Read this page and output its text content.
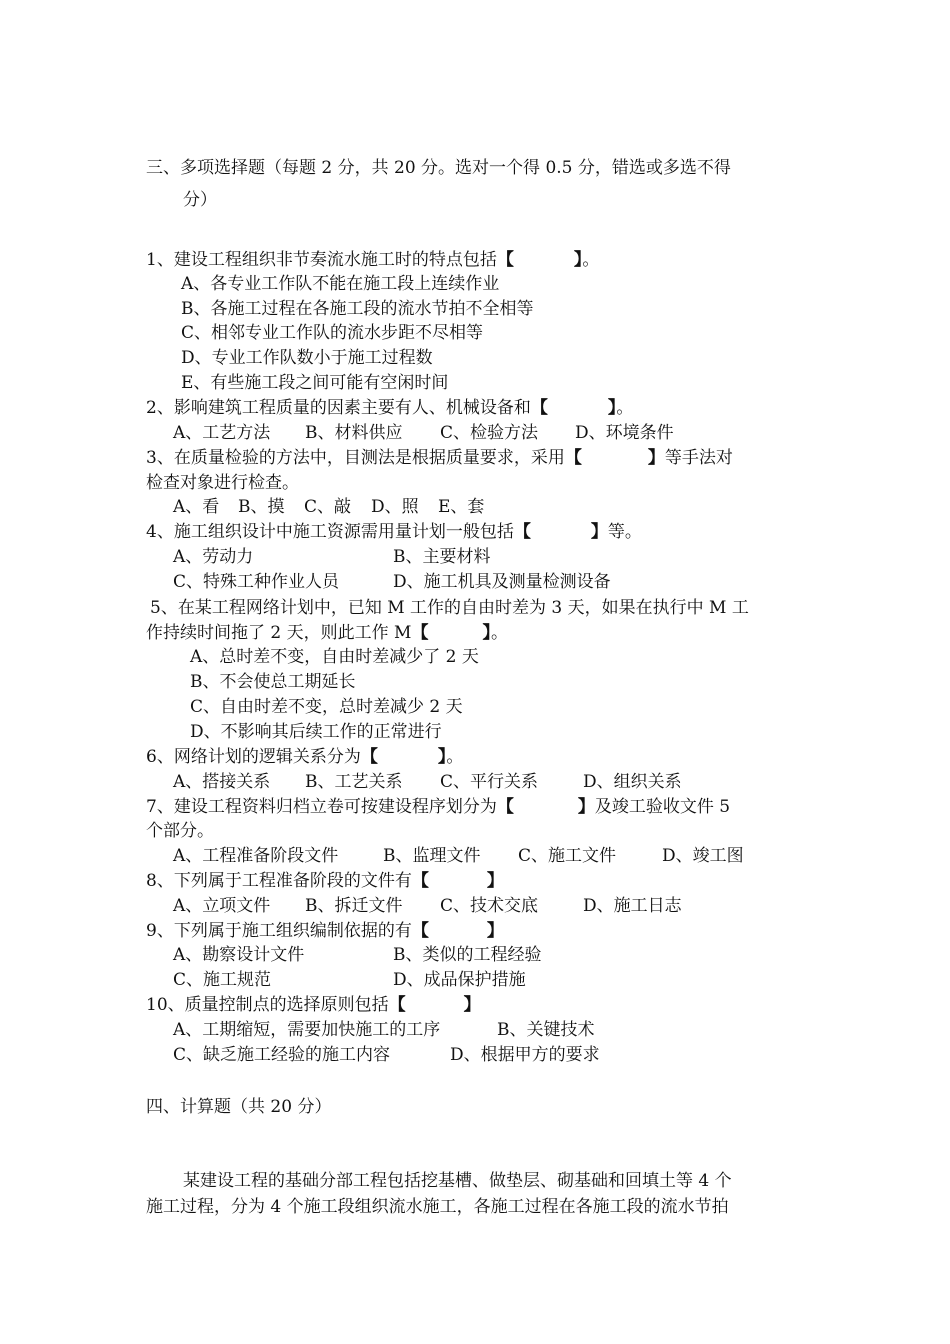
三、多项选择题（每题 2 分，共 20 分。选对一个得 0.5 分，错选或多选不得
分）
1、建设工程组织非节奏流水施工时的特点包括【	】。
A、各专业工作队不能在施工段上连续作业
B、各施工过程在各施工段的流水节拍不全相等
C、相邻专业工作队的流水步距不尽相等
D、专业工作队数小于施工过程数
E、有些施工段之间可能有空闲时间
2、影响建筑工程质量的因素主要有人、机械设备和【	】。
A、工艺方法 B、材料供应 C、检验方法 D、环境条件
3、在质量检验的方法中，目测法是根据质量要求，采用【	】等手法对
检查对象进行检查。
A、看 B、摸 C、敲 D、照 E、套
4、施工组织设计中施工资源需用量计划一般包括【	】等。
A、劳动力	B、主要材料
C、特殊工种作业人员	D、施工机具及测量检测设备
5、在某工程网络计划中，已知 M 工作的自由时差为 3 天，如果在执行中 M 工
作持续时间拖了 2 天，则此工作 M【	】。
A、总时差不变，自由时差减少了 2 天
B、不会使总工期延长
C、自由时差不变，总时差减少 2 天
D、不影响其后续工作的正常进行
6、网络计划的逻辑关系分为【	】。
A、搭接关系 B、工艺关系 C、平行关系	D、组织关系
7、建设工程资料归档立卷可按建设程序划分为【	】及竣工验收文件 5
个部分。
A、工程准备阶段文件	B、监理文件 C、施工文件	D、竣工图
8、下列属于工程准备阶段的文件有【	】
A、立项文件 B、拆迁文件 C、技术交底	D、施工日志
9、下列属于施工组织编制依据的有【	】
A、勘察设计文件	B、类似的工程经验
C、施工规范	D、成品保护措施
10、质量控制点的选择原则包括【	】
A、工期缩短，需要加快施工的工序	B、关键技术
C、缺乏施工经验的施工内容	D、根据甲方的要求
四、计算题（共 20 分）
某建设工程的基础分部工程包括挖基槽、做垫层、砌基础和回填土等 4 个
施工过程，分为 4 个施工段组织流水施工，各施工过程在各施工段的流水节拍
